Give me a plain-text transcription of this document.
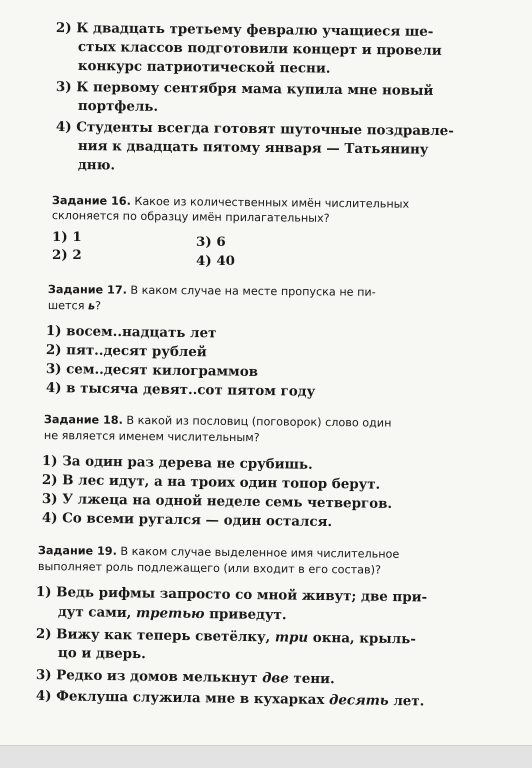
2) К двадцать третьему февралю учащиеся ше-
стых классов подготовили концерт и провели
конкурс патриотической песни.
3) К первому сентября мама купила мне новый
портфель.
4) Студенты всегда готовят шуточные поздравле-
ния к двадцать пятому января — Татьянину
дню.
Задание 16. Какое из количественных имён числительных
склоняется по образцу имён прилагательных?
1) 1
2) 2
3) 6
4) 40
Задание 17. В каком случае на месте пропуска не пи-
шется ь?
1) восем..надцать лет
2) пят..десят рублей
3) сем..десят килограммов
4) в тысяча девят..сот пятом году
Задание 18. В какой из пословиц (поговорок) слово один
не является именем числительным?
1) За один раз дерева не срубишь.
2) В лес идут, а на троих один топор берут.
3) У лжеца на одной неделе семь четвергов.
4) Со всеми ругался — один остался.
Задание 19. В каком случае выделенное имя числительное
выполняет роль подлежащего (или входит в его состав)?
1) Ведь рифмы запросто со мной живут; две при-
дут сами, третью приведут.
2) Вижу как теперь светёлку, три окна, крыль-
цо и дверь.
3) Редко из домов мелькнут две тени.
4) Феклуша служила мне в кухарках десять лет.
